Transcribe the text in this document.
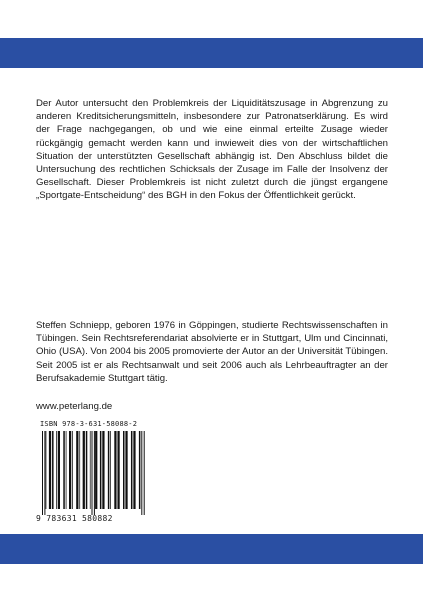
Der Autor untersucht den Problemkreis der Liquiditätszusage in Abgrenzung zu anderen Kreditsicherungsmitteln, insbesondere zur Patronatserklärung. Es wird der Frage nachgegangen, ob und wie eine einmal erteilte Zusage wieder rückgängig gemacht werden kann und inwieweit dies von der wirtschaftlichen Situation der unterstützten Gesellschaft abhängig ist. Den Abschluss bildet die Untersuchung des rechtlichen Schicksals der Zusage im Falle der Insolvenz der Gesellschaft. Dieser Problemkreis ist nicht zuletzt durch die jüngst ergangene „Sportgate-Entscheidung“ des BGH in den Fokus der Öffentlichkeit gerückt.

Steffen Schniepp, geboren 1976 in Göppingen, studierte Rechtswissenschaften in Tübingen. Sein Rechtsreferendariat absolvierte er in Stuttgart, Ulm und Cincinnati, Ohio (USA). Von 2004 bis 2005 promovierte der Autor an der Universität Tübingen. Seit 2005 ist er als Rechtsanwalt und seit 2006 auch als Lehrbeauftragter an der Berufsakademie Stuttgart tätig.

www.peterlang.de
ISBN 978-3-631-58088-2
9 783631 580882
